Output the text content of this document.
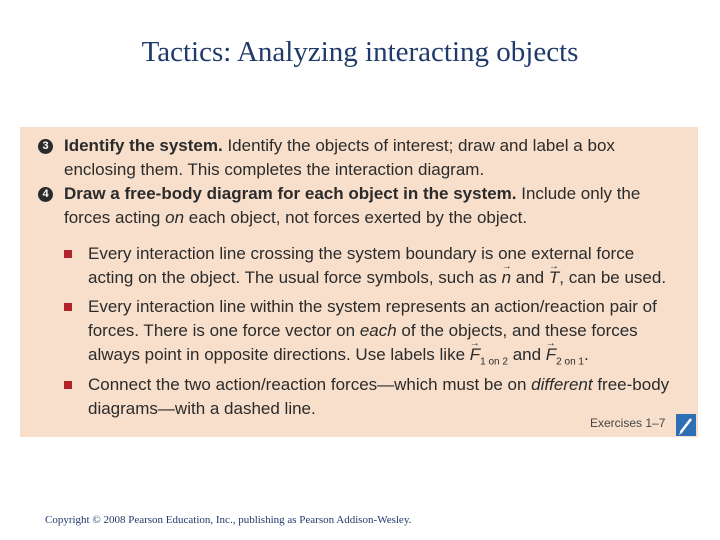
Tactics: Analyzing interacting objects
3 Identify the system. Identify the objects of interest; draw and label a box enclosing them. This completes the interaction diagram.
4 Draw a free-body diagram for each object in the system. Include only the forces acting on each object, not forces exerted by the object.
Every interaction line crossing the system boundary is one external force acting on the object. The usual force symbols, such as → n and → T, can be used.
Every interaction line within the system represents an action/reaction pair of forces. There is one force vector on each of the objects, and these forces always point in opposite directions. Use labels like → $F_{1 on 2}$ and → $F_{2 on 1}$.
Connect the two action/reaction forces—which must be on different free-body diagrams—with a dashed line.
Exercises 1–7
Copyright © 2008 Pearson Education, Inc., publishing as Pearson Addison-Wesley.
